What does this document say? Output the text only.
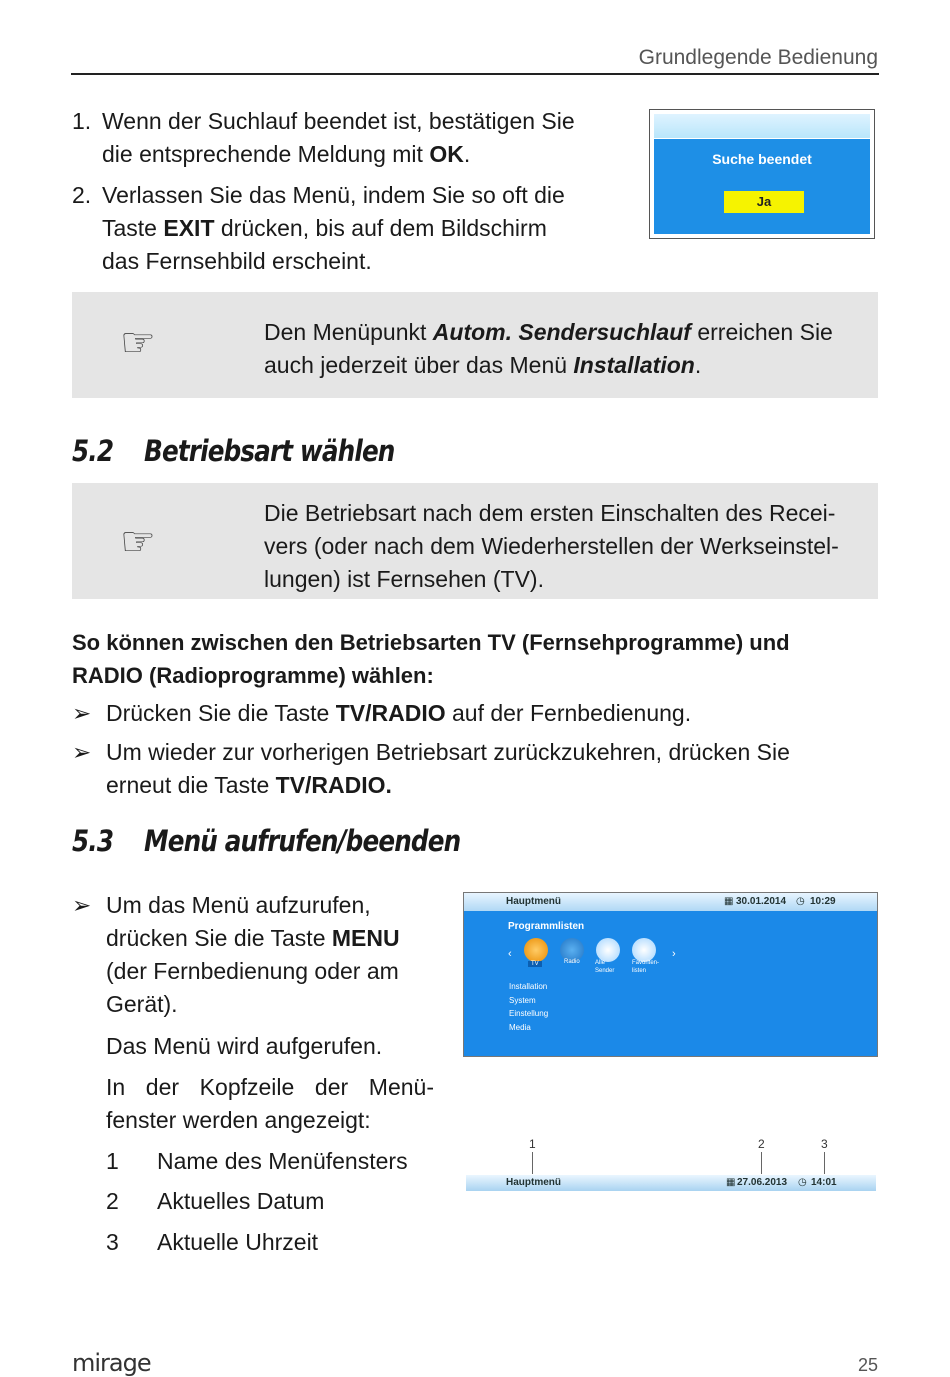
Grundlegende Bedienung
1. Wenn der Suchlauf beendet ist, bestätigen Sie
die entsprechende Meldung mit OK.
2. Verlassen Sie das Menü, indem Sie so oft die
Taste EXIT drücken, bis auf dem Bildschirm
das Fernsehbild erscheint.
Suche beendet
Ja
☞	Den Menüpunkt Autom. Sendersuchlauf erreichen Sie
auch jederzeit über das Menü Installation.
5.2 Betriebsart wählen
☞
Die Betriebsart nach dem ersten Einschalten des Recei-
vers (oder nach dem Wiederherstellen der Werkseinstel-
lungen) ist Fernsehen (TV).
So können zwischen den Betriebsarten TV (Fernsehprogramme) und
RADIO (Radioprogramme) wählen:
➢ Drücken Sie die Taste TV/RADIO auf der Fernbedienung.
➢ Um wieder zur vorherigen Betriebsart zurückzukehren, drücken Sie
erneut die Taste TV/RADIO.
5.3 Menü aufrufen/beenden
➢ Um das Menü aufzurufen,
drücken Sie die Taste MENU
(der Fernbedienung oder am
Gerät).
Das Menü wird aufgerufen.
In der Kopfzeile der Menü-
fenster werden angezeigt:
1 Name des Menüfensters
2 Aktuelles Datum
3 Aktuelle Uhrzeit
Hauptmenü	▦ 30.01.2014 ◷ 10:29
Programmlisten
‹	›
TV	Radio	Alle Sender
Favoriten-listen
Installation
System
Einstellung
Media
1	2	3
Hauptmenü	▦ 27.06.2013 ◷ 14:01
mirage	25
